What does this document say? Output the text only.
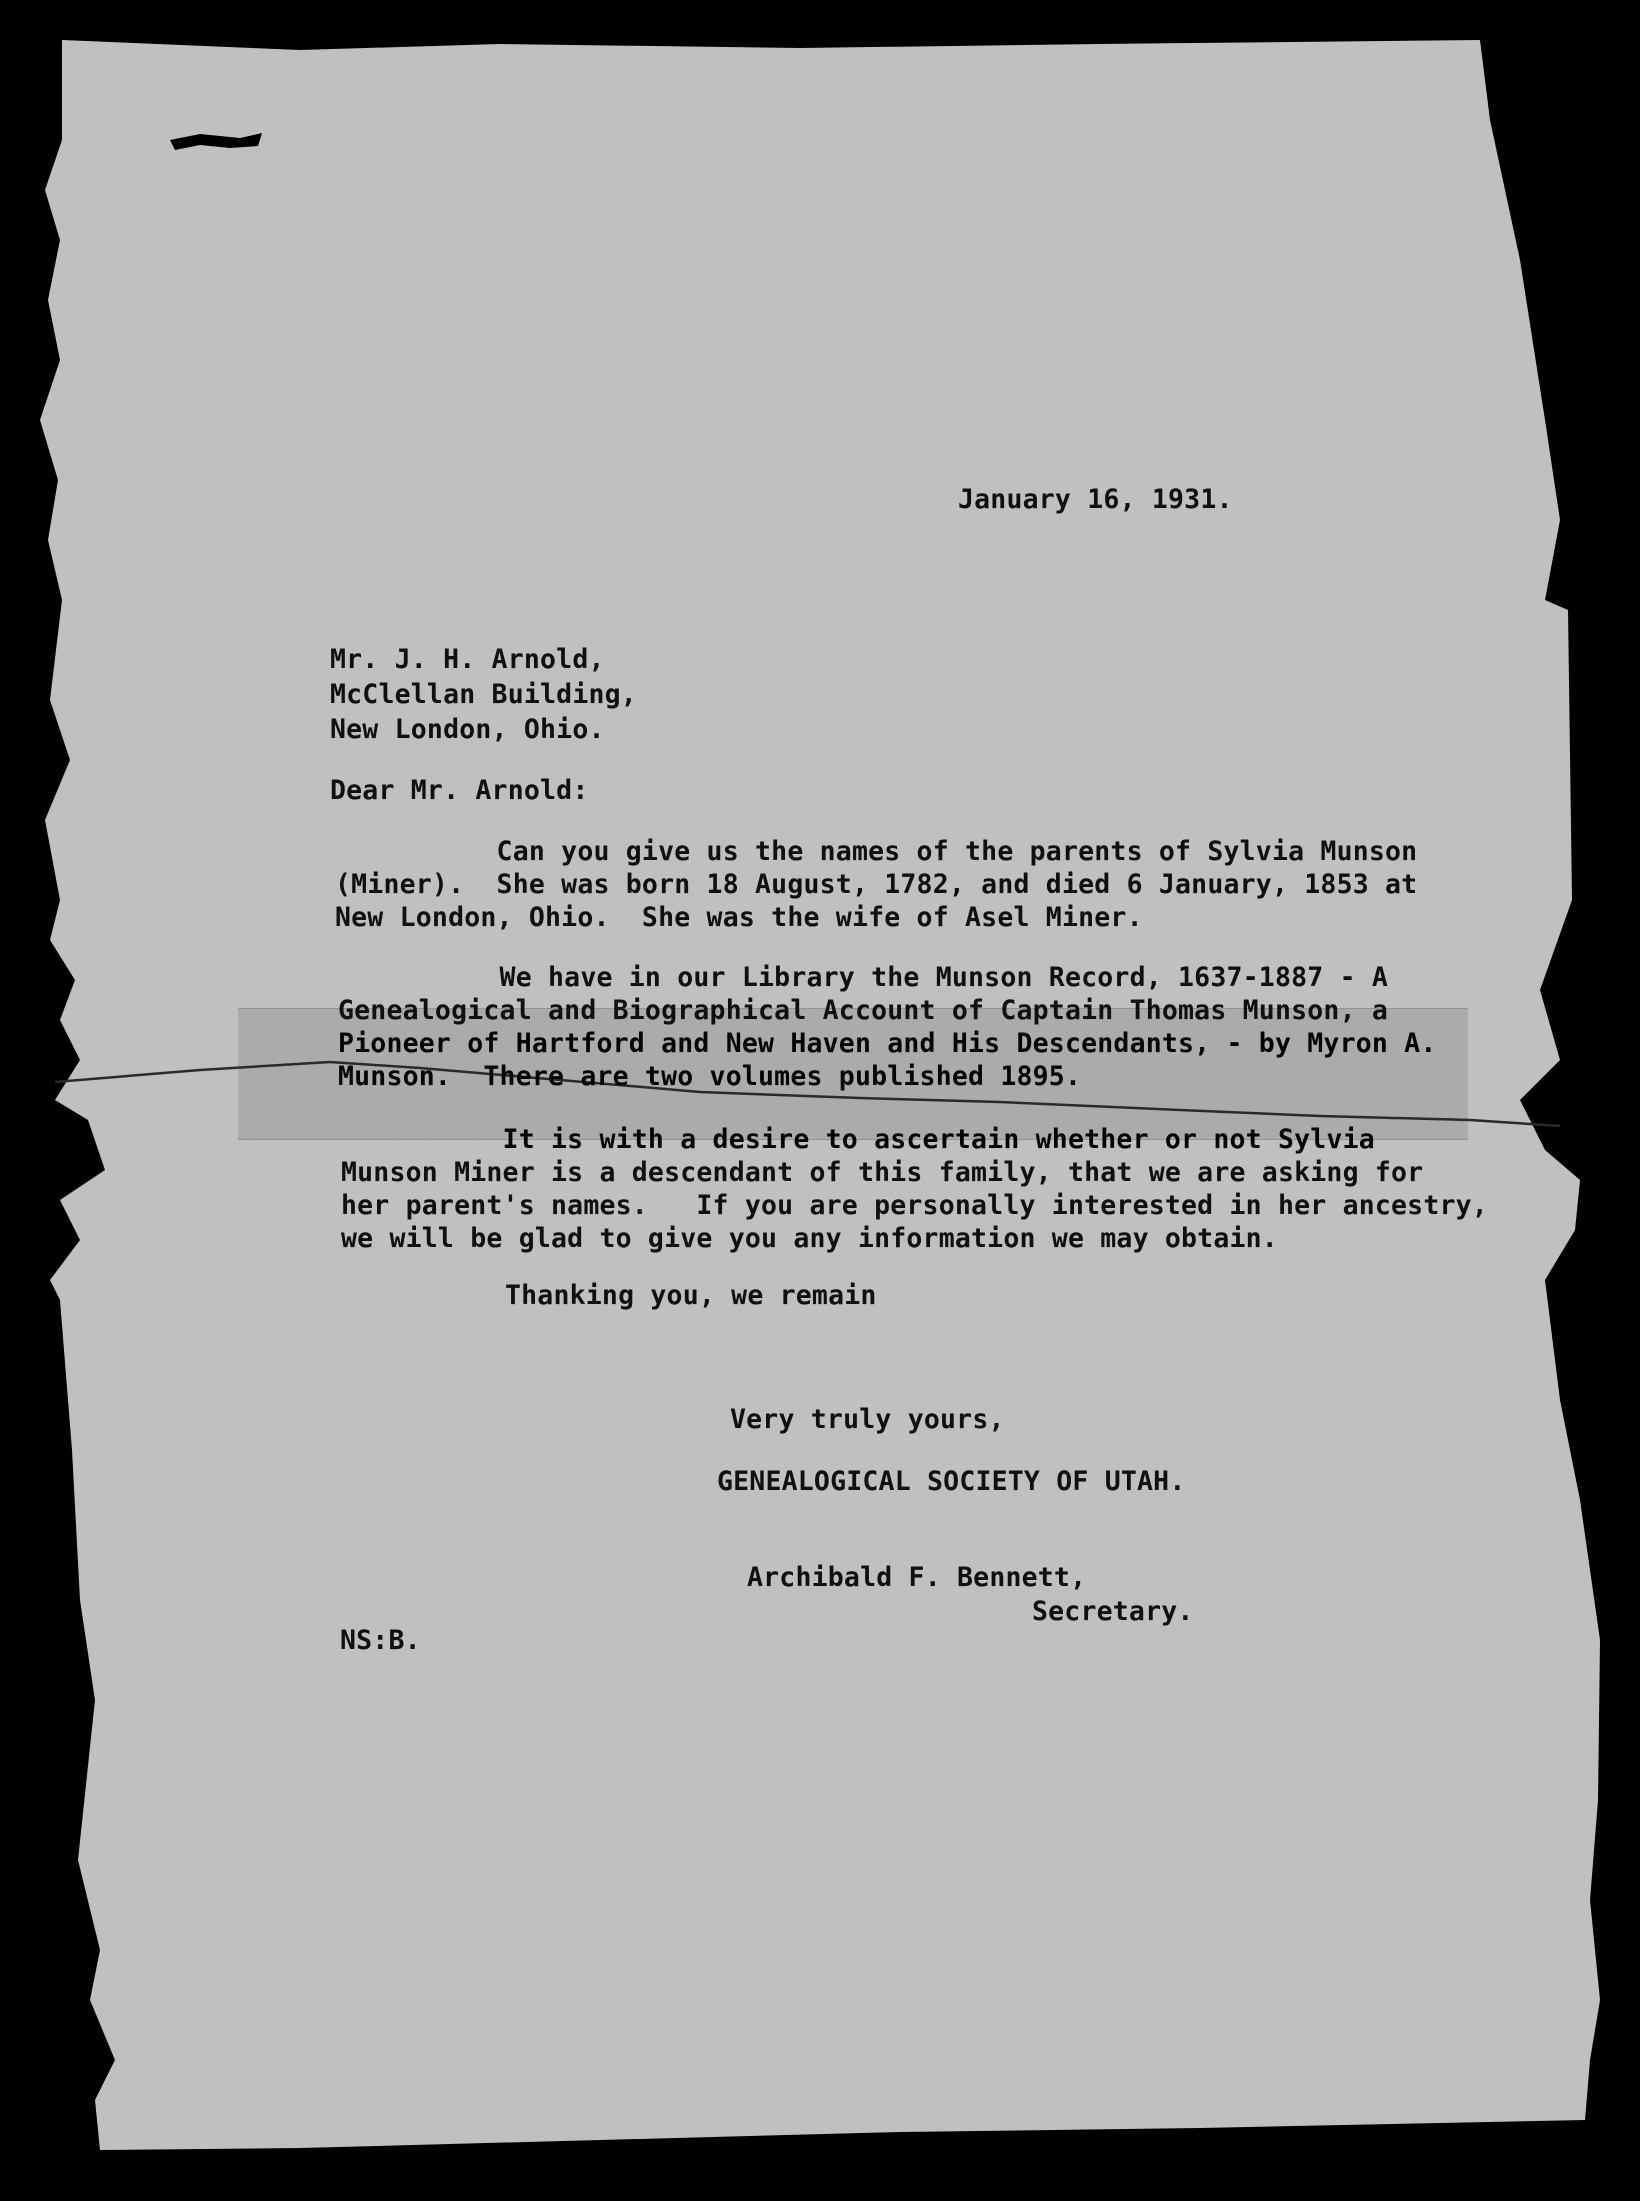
January 16, 1931.
Mr. J. H. Arnold,
McClellan Building,
New London, Ohio.
Dear Mr. Arnold:
Can you give us the names of the parents of Sylvia Munson
(Miner).  She was born 18 August, 1782, and died 6 January, 1853 at
New London, Ohio.  She was the wife of Asel Miner.
We have in our Library the Munson Record, 1637-1887 - A
Genealogical and Biographical Account of Captain Thomas Munson, a
Pioneer of Hartford and New Haven and His Descendants, - by Myron A.
Munson.  There are two volumes published 1895.
It is with a desire to ascertain whether or not Sylvia
Munson Miner is a descendant of this family, that we are asking for
her parent's names.   If you are personally interested in her ancestry,
we will be glad to give you any information we may obtain.
Thanking you, we remain
Very truly yours,
GENEALOGICAL SOCIETY OF UTAH.
Archibald F. Bennett,
Secretary.
NS:B.
